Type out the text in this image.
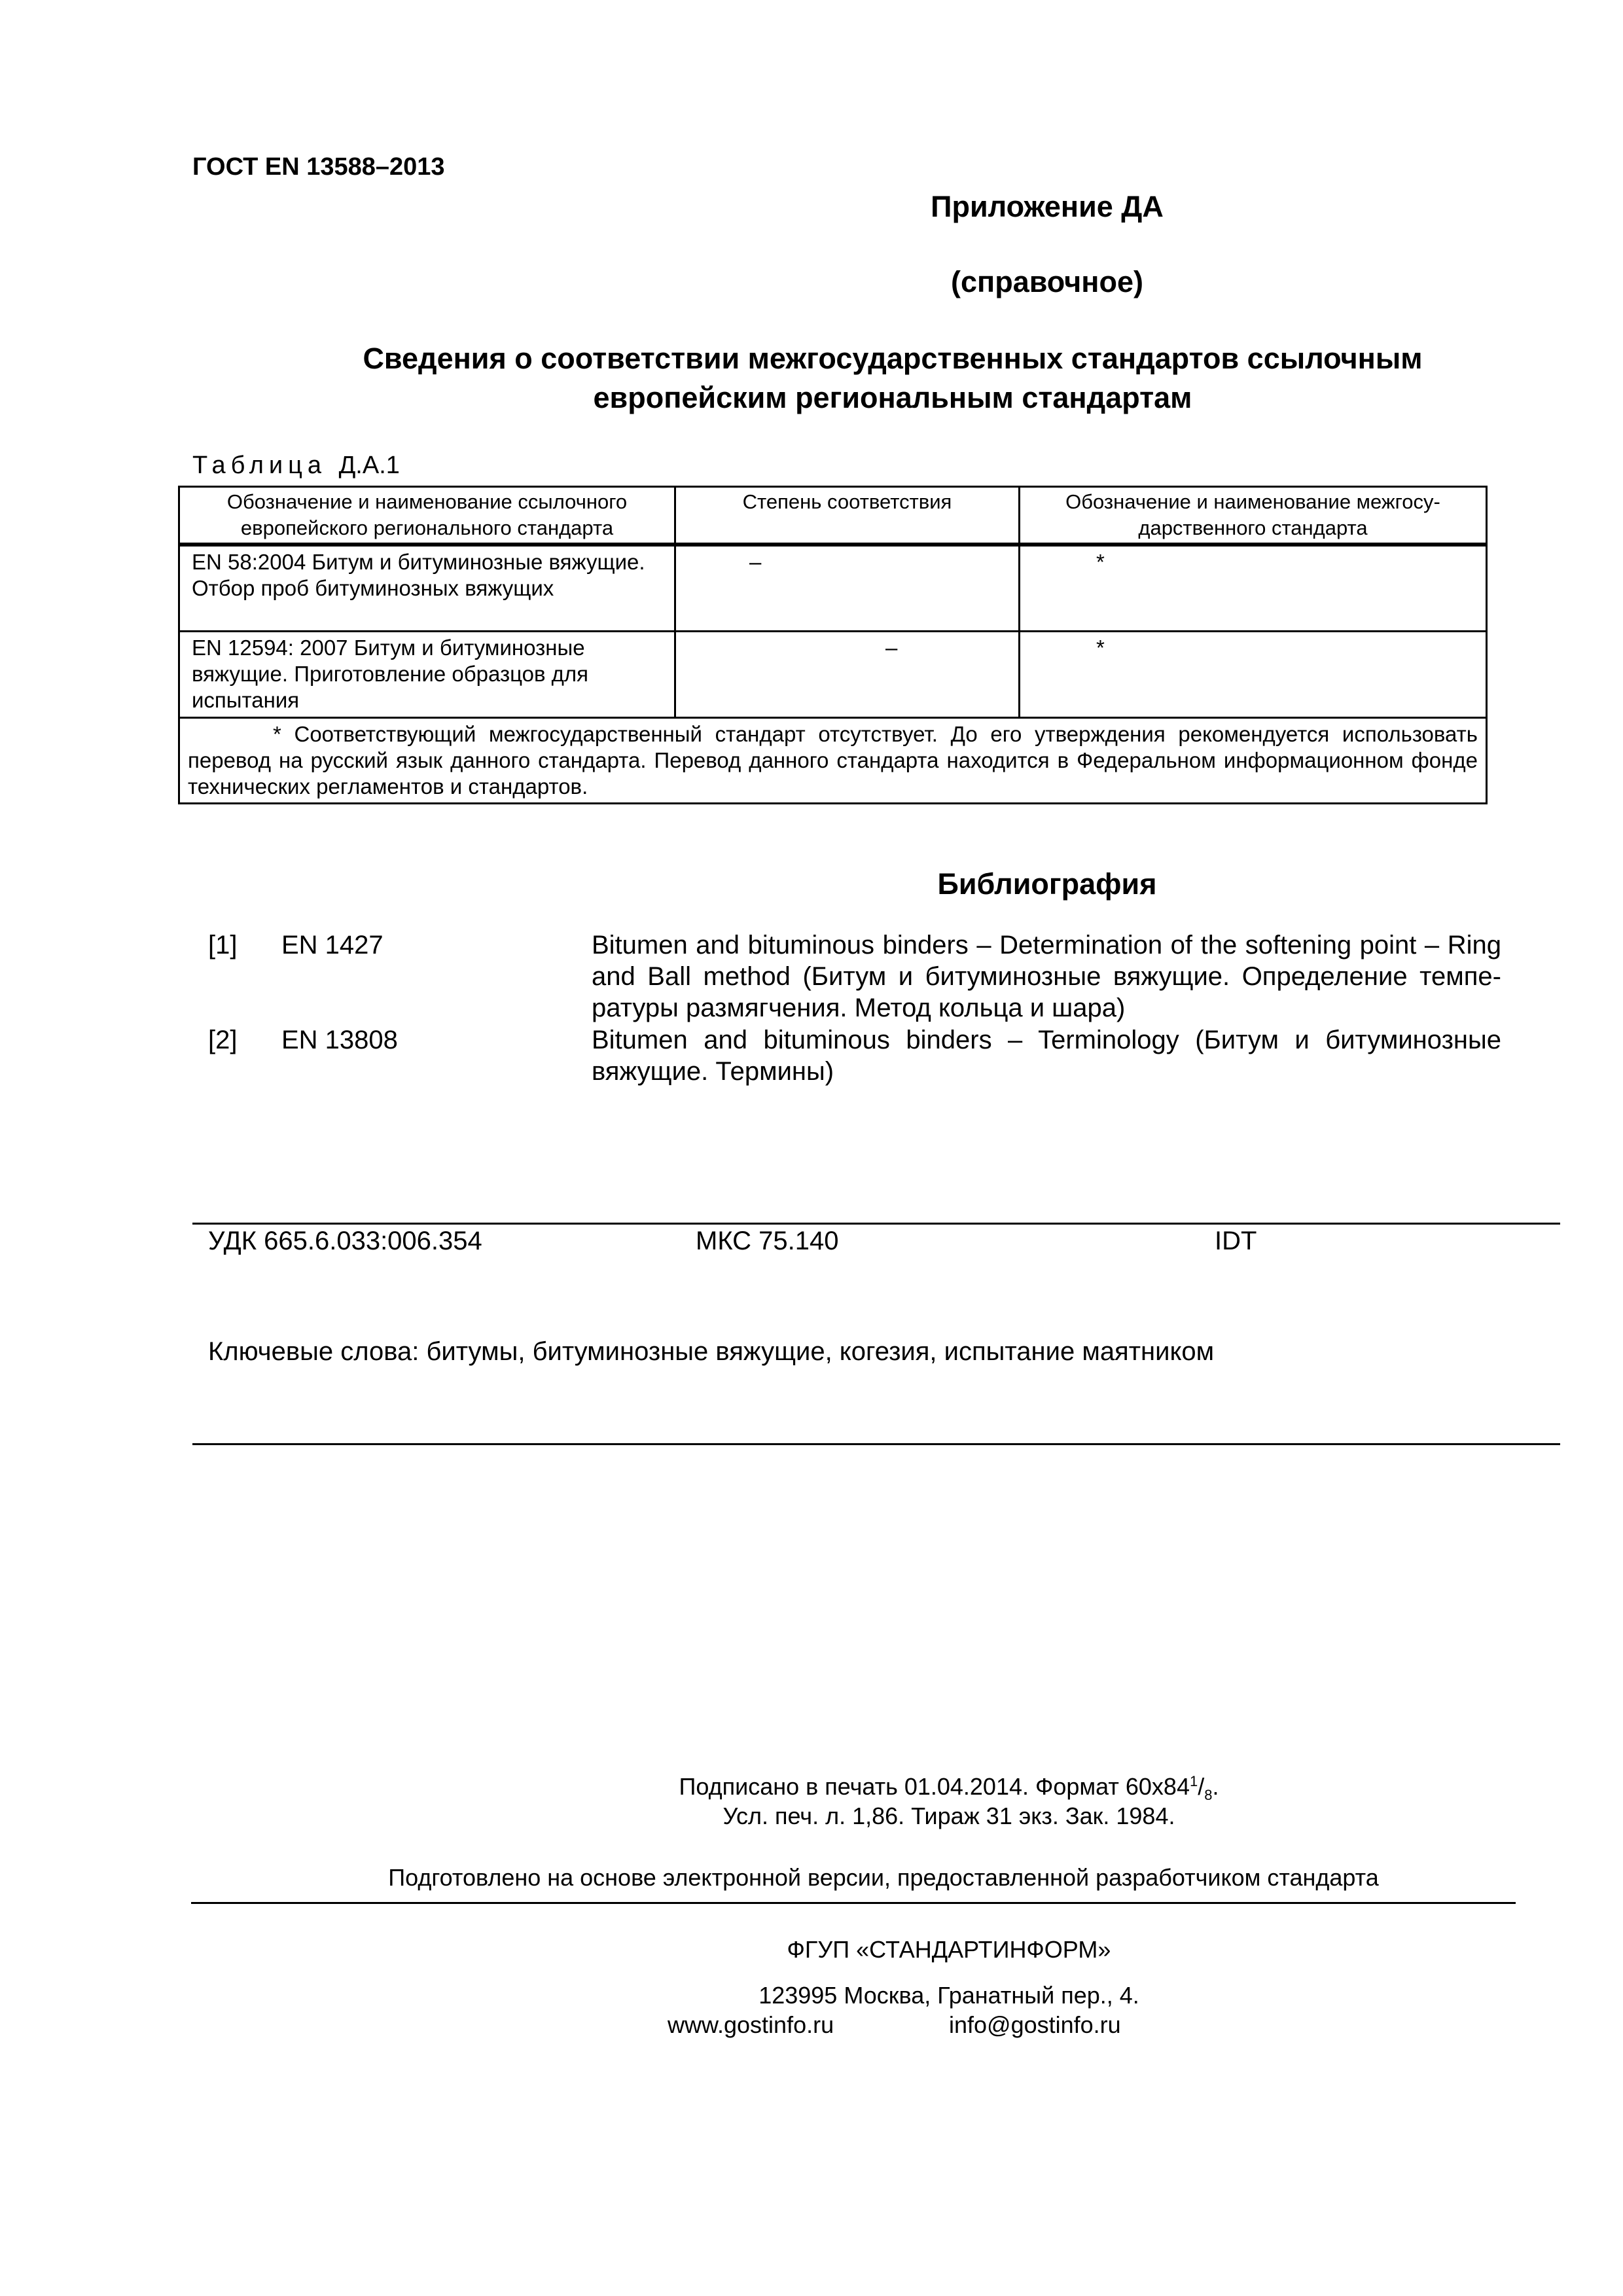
ГОСТ EN 13588–2013
Приложение ДА
(справочное)
Сведения о соответствии межгосударственных стандартов ссылочным
европейским региональным стандартам
Таблица Д.А.1
Обозначение и наименование ссылочного европейского регионального стандарта	Степень соответствия	Обозначение и наименование межгосударственного стандарта
EN 58:2004 Битум и битуминозные вяжущие. Отбор проб битуминозных вяжущих	–	*
EN 12594: 2007 Битум и битуминозные вяжущие. Приготовление образцов для испытания	–	*
* Соответствующий межгосударственный стандарт отсутствует. До его утверждения рекомендуется использовать перевод на русский язык данного стандарта. Перевод данного стандарта находится в Федеральном информационном фонде технических регламентов и стандартов.		
Библиография
[1] EN 1427	Bitumen and bituminous binders – Determination of the softening point – Ring and Ball method (Битум и битуминозные вяжущие. Определение температуры размягчения. Метод кольца и шара)
[2] EN 13808	Bitumen and bituminous binders – Terminology (Битум и битуминозные вяжущие. Термины)
УДК 665.6.033:006.354	МКС 75.140	IDT
Ключевые слова: битумы, битуминозные вяжущие, когезия, испытание маятником
Подписано в печать 01.04.2014. Формат $60x84^1/_8$.
Усл. печ. л. 1,86. Тираж 31 экз. Зак. 1984.
Подготовлено на основе электронной версии, предоставленной разработчиком стандарта
ФГУП «СТАНДАРТИНФОРМ»
123995 Москва, Гранатный пер., 4.
www.gostinfo.ru	info@gostinfo.ru
